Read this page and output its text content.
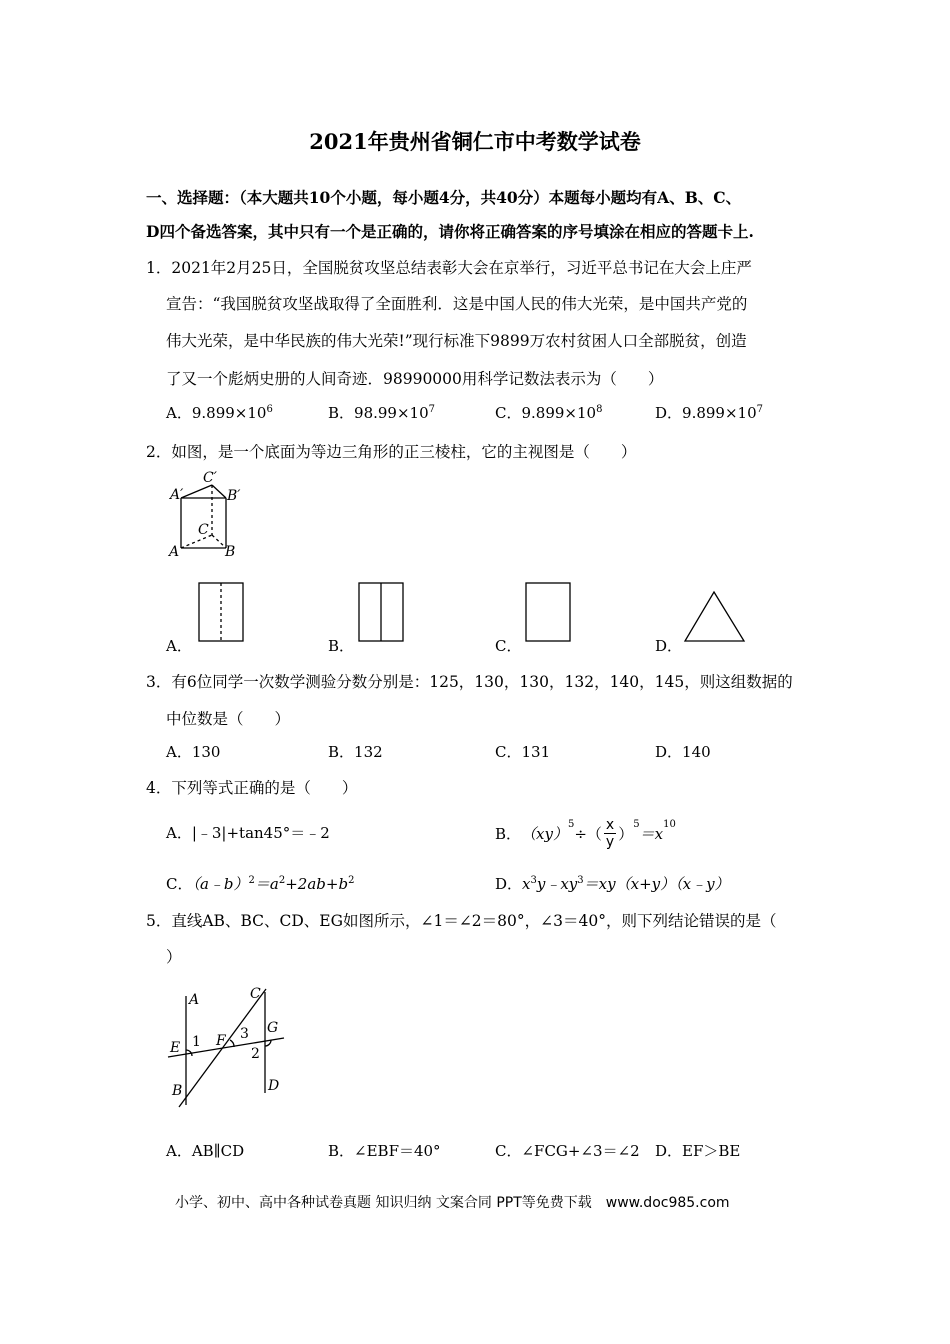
2021年贵州省铜仁市中考数学试卷
一、选择题：（本大题共10个小题，每小题4分，共40分）本题每小题均有A、B、C、
D四个备选答案，其中只有一个是正确的，请你将正确答案的序号填涂在相应的答题卡上.
1．2021年2月25日，全国脱贫攻坚总结表彰大会在京举行，习近平总书记在大会上庄严
宣告：“我国脱贫攻坚战取得了全面胜利．这是中国人民的伟大光荣，是中国共产党的
伟大光荣，是中华民族的伟大光荣!”现行标准下9899万农村贫困人口全部脱贫，创造
了又一个彪炳史册的人间奇迹．98990000用科学记数法表示为（　　）
A．$9.899\times 10^6$	B．$98.99\times 10^7$	C．$9.899\times 10^8$	D．$9.899\times 10^7$
2．如图，是一个底面为等边三角形的正三棱柱，它的主视图是（　　）
A′
C′
B′
C
A	B
A．	B．	C．	D．
3．有6位同学一次数学测验分数分别是：125，130，130，132，140，145，则这组数据的
中位数是（　　）
A．130	B．132	C．131	D．140
4．下列等式正确的是（　　）
A．|﹣3|+tan45°＝﹣2	B． （xy）$^5$ ÷（ x
y ）$^5 =x^{10}$
C．$(a﹣b)^2=a^2+2ab+b^2$	D．$x^3y﹣xy^3=xy(x+y)(x﹣y)$
5．直线AB、BC、CD、EG如图所示，∠1＝∠2＝80°，∠3＝40°，则下列结论错误的是（
）
A	C
G
E 1 F 3
2
B	D
A．AB∥CD	B．∠EBF＝40°	C．∠FCG+∠3＝∠2 D．EF＞BE
小学、初中、高中各种试卷真题 知识归纳 文案合同 PPT等免费下载　www.doc985.com
